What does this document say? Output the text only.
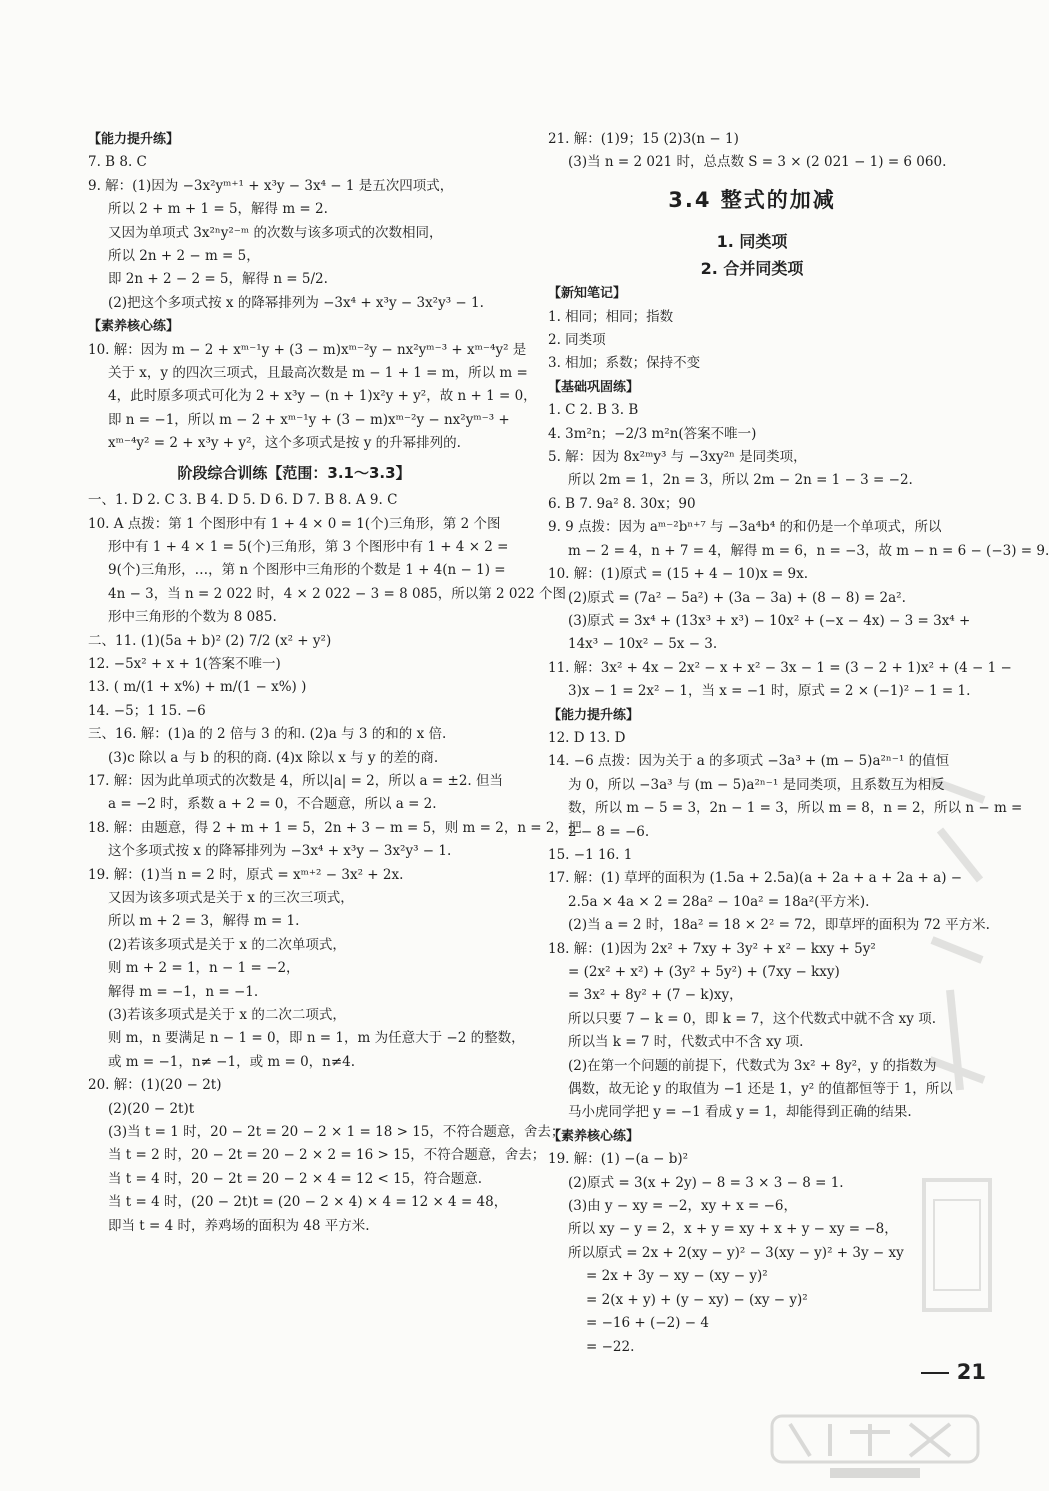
【能力提升练】
7. B 8. C
9. 解：(1)因为 −3x²yᵐ⁺¹ + x³y − 3x⁴ − 1 是五次四项式，
所以 2 + m + 1 = 5，解得 m = 2.
又因为单项式 3x²ⁿy²⁻ᵐ 的次数与该多项式的次数相同，
所以 2n + 2 − m = 5，
即 2n + 2 − 2 = 5，解得 n = 5/2.
(2)把这个多项式按 x 的降幂排列为 −3x⁴ + x³y − 3x²y³ − 1.
【素养核心练】
10. 解：因为 m − 2 + xᵐ⁻¹y + (3 − m)xᵐ⁻²y − nx²yᵐ⁻³ + xᵐ⁻⁴y² 是
关于 x，y 的四次三项式，且最高次数是 m − 1 + 1 = m，所以 m =
4，此时原多项式可化为 2 + x³y − (n + 1)x²y + y²，故 n + 1 = 0，
即 n = −1，所以 m − 2 + xᵐ⁻¹y + (3 − m)xᵐ⁻²y − nx²yᵐ⁻³ +
xᵐ⁻⁴y² = 2 + x³y + y²，这个多项式是按 y 的升幂排列的.
阶段综合训练【范围：3.1～3.3】
一、1. D 2. C 3. B 4. D 5. D 6. D 7. B 8. A 9. C
10. A 点拨：第 1 个图形中有 1 + 4 × 0 = 1(个)三角形，第 2 个图
形中有 1 + 4 × 1 = 5(个)三角形，第 3 个图形中有 1 + 4 × 2 =
9(个)三角形，…，第 n 个图形中三角形的个数是 1 + 4(n − 1) =
4n − 3，当 n = 2 022 时，4 × 2 022 − 3 = 8 085，所以第 2 022 个图
形中三角形的个数为 8 085.
二、11. (1)(5a + b)² (2) 7/2 (x² + y²)
12. −5x² + x + 1(答案不唯一)
13. ( m/(1 + x%) + m/(1 − x%) )
14. −5；1 15. −6
三、16. 解：(1)a 的 2 倍与 3 的和. (2)a 与 3 的和的 x 倍.
(3)c 除以 a 与 b 的积的商. (4)x 除以 x 与 y 的差的商.
17. 解：因为此单项式的次数是 4，所以|a| = 2，所以 a = ±2. 但当
a = −2 时，系数 a + 2 = 0，不合题意，所以 a = 2.
18. 解：由题意，得 2 + m + 1 = 5，2n + 3 − m = 5，则 m = 2，n = 2，把
这个多项式按 x 的降幂排列为 −3x⁴ + x³y − 3x²y³ − 1.
19. 解：(1)当 n = 2 时，原式 = xᵐ⁺² − 3x² + 2x.
又因为该多项式是关于 x 的三次三项式，
所以 m + 2 = 3，解得 m = 1.
(2)若该多项式是关于 x 的二次单项式，
则 m + 2 = 1，n − 1 = −2，
解得 m = −1，n = −1.
(3)若该多项式是关于 x 的二次二项式，
则 m，n 要满足 n − 1 = 0，即 n = 1，m 为任意大于 −2 的整数，
或 m = −1，n≠ −1，或 m = 0，n≠4.
20. 解：(1)(20 − 2t)
(2)(20 − 2t)t
(3)当 t = 1 时，20 − 2t = 20 − 2 × 1 = 18 > 15，不符合题意，舍去；
当 t = 2 时，20 − 2t = 20 − 2 × 2 = 16 > 15，不符合题意，舍去；
当 t = 4 时，20 − 2t = 20 − 2 × 4 = 12 < 15，符合题意.
当 t = 4 时，(20 − 2t)t = (20 − 2 × 4) × 4 = 12 × 4 = 48，
即当 t = 4 时，养鸡场的面积为 48 平方米.
21. 解：(1)9；15 (2)3(n − 1)
(3)当 n = 2 021 时，总点数 S = 3 × (2 021 − 1) = 6 060.
3.4 整式的加减
1. 同类项
2. 合并同类项
【新知笔记】
1. 相同；相同；指数
2. 同类项
3. 相加；系数；保持不变
【基础巩固练】
1. C 2. B 3. B
4. 3m²n；−2/3 m²n(答案不唯一)
5. 解：因为 8x²ᵐy³ 与 −3xy²ⁿ 是同类项，
所以 2m = 1，2n = 3，所以 2m − 2n = 1 − 3 = −2.
6. B 7. 9a² 8. 30x；90
9. 9 点拨：因为 aᵐ⁻²bⁿ⁺⁷ 与 −3a⁴b⁴ 的和仍是一个单项式，所以
m − 2 = 4，n + 7 = 4，解得 m = 6，n = −3，故 m − n = 6 − (−3) = 9.
10. 解：(1)原式 = (15 + 4 − 10)x = 9x.
(2)原式 = (7a² − 5a²) + (3a − 3a) + (8 − 8) = 2a².
(3)原式 = 3x⁴ + (13x³ + x³) − 10x² + (−x − 4x) − 3 = 3x⁴ +
14x³ − 10x² − 5x − 3.
11. 解：3x² + 4x − 2x² − x + x² − 3x − 1 = (3 − 2 + 1)x² + (4 − 1 −
3)x − 1 = 2x² − 1，当 x = −1 时，原式 = 2 × (−1)² − 1 = 1.
【能力提升练】
12. D 13. D
14. −6 点拨：因为关于 a 的多项式 −3a³ + (m − 5)a²ⁿ⁻¹ 的值恒
为 0，所以 −3a³ 与 (m − 5)a²ⁿ⁻¹ 是同类项，且系数互为相反
数，所以 m − 5 = 3，2n − 1 = 3，所以 m = 8，n = 2，所以 n − m =
2 − 8 = −6.
15. −1 16. 1
17. 解：(1) 草坪的面积为 (1.5a + 2.5a)(a + 2a + a + 2a + a) −
2.5a × 4a × 2 = 28a² − 10a² = 18a²(平方米).
(2)当 a = 2 时，18a² = 18 × 2² = 72，即草坪的面积为 72 平方米.
18. 解：(1)因为 2x² + 7xy + 3y² + x² − kxy + 5y²
= (2x² + x²) + (3y² + 5y²) + (7xy − kxy)
= 3x² + 8y² + (7 − k)xy，
所以只要 7 − k = 0，即 k = 7，这个代数式中就不含 xy 项.
所以当 k = 7 时，代数式中不含 xy 项.
(2)在第一个问题的前提下，代数式为 3x² + 8y²，y 的指数为
偶数，故无论 y 的取值为 −1 还是 1，y² 的值都恒等于 1，所以
马小虎同学把 y = −1 看成 y = 1，却能得到正确的结果.
【素养核心练】
19. 解：(1) −(a − b)²
(2)原式 = 3(x + 2y) − 8 = 3 × 3 − 8 = 1.
(3)由 y − xy = −2，xy + x = −6，
所以 xy − y = 2，x + y = xy + x + y − xy = −8，
所以原式 = 2x + 2(xy − y)² − 3(xy − y)² + 3y − xy
= 2x + 3y − xy − (xy − y)²
= 2(x + y) + (y − xy) − (xy − y)²
= −16 + (−2) − 4
= −22.
21
